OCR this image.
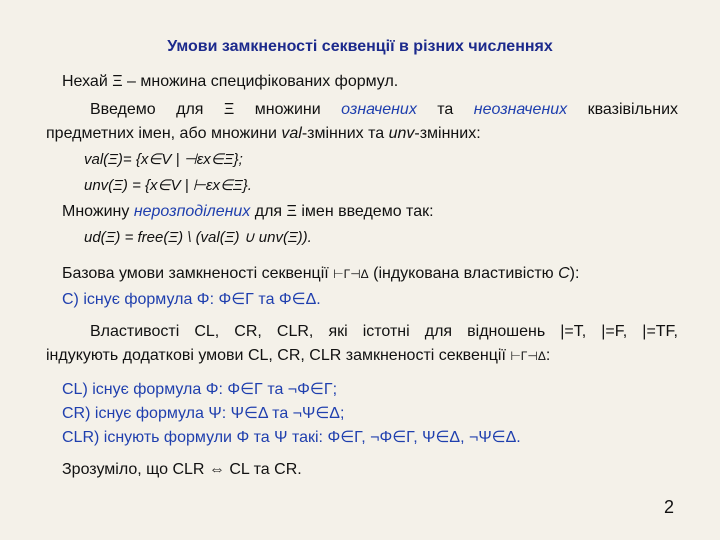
Умови замкненості секвенції в різних численнях
Нехай Ξ – множина специфікованих формул.
Введемо для Ξ множини означених та неозначених квазівільних
предметних імен, або множини val-змінних та unv-змінних:
val(Ξ)= {x∈V | ⊣εx∈Ξ};
unv(Ξ) = {x∈V | ⊢εx∈Ξ}.
Множину нерозподілених для Ξ імен введемо так:
ud(Ξ) = free(Ξ) \ (val(Ξ) ∪ unv(Ξ)).
Базова умови замкненості секвенції ⊢Γ⊣Δ (індукована властивістю C):
C) існує формула Φ: Φ∈Γ та Φ∈Δ.
Властивості CL, CR, CLR, які істотні для відношень |=T, |=F, |=TF,
індукують додаткові умови CL, CR, CLR замкненості секвенції ⊢Γ⊣Δ:
CL) існує формула Φ: Φ∈Γ та ¬Φ∈Γ;
CR) існує формула Ψ: Ψ∈Δ та ¬Ψ∈Δ;
CLR) існують формули Φ та Ψ такі: Φ∈Γ, ¬Φ∈Γ, Ψ∈Δ, ¬Ψ∈Δ.
Зрозуміло, що CLR ⇔ CL та CR.
2
